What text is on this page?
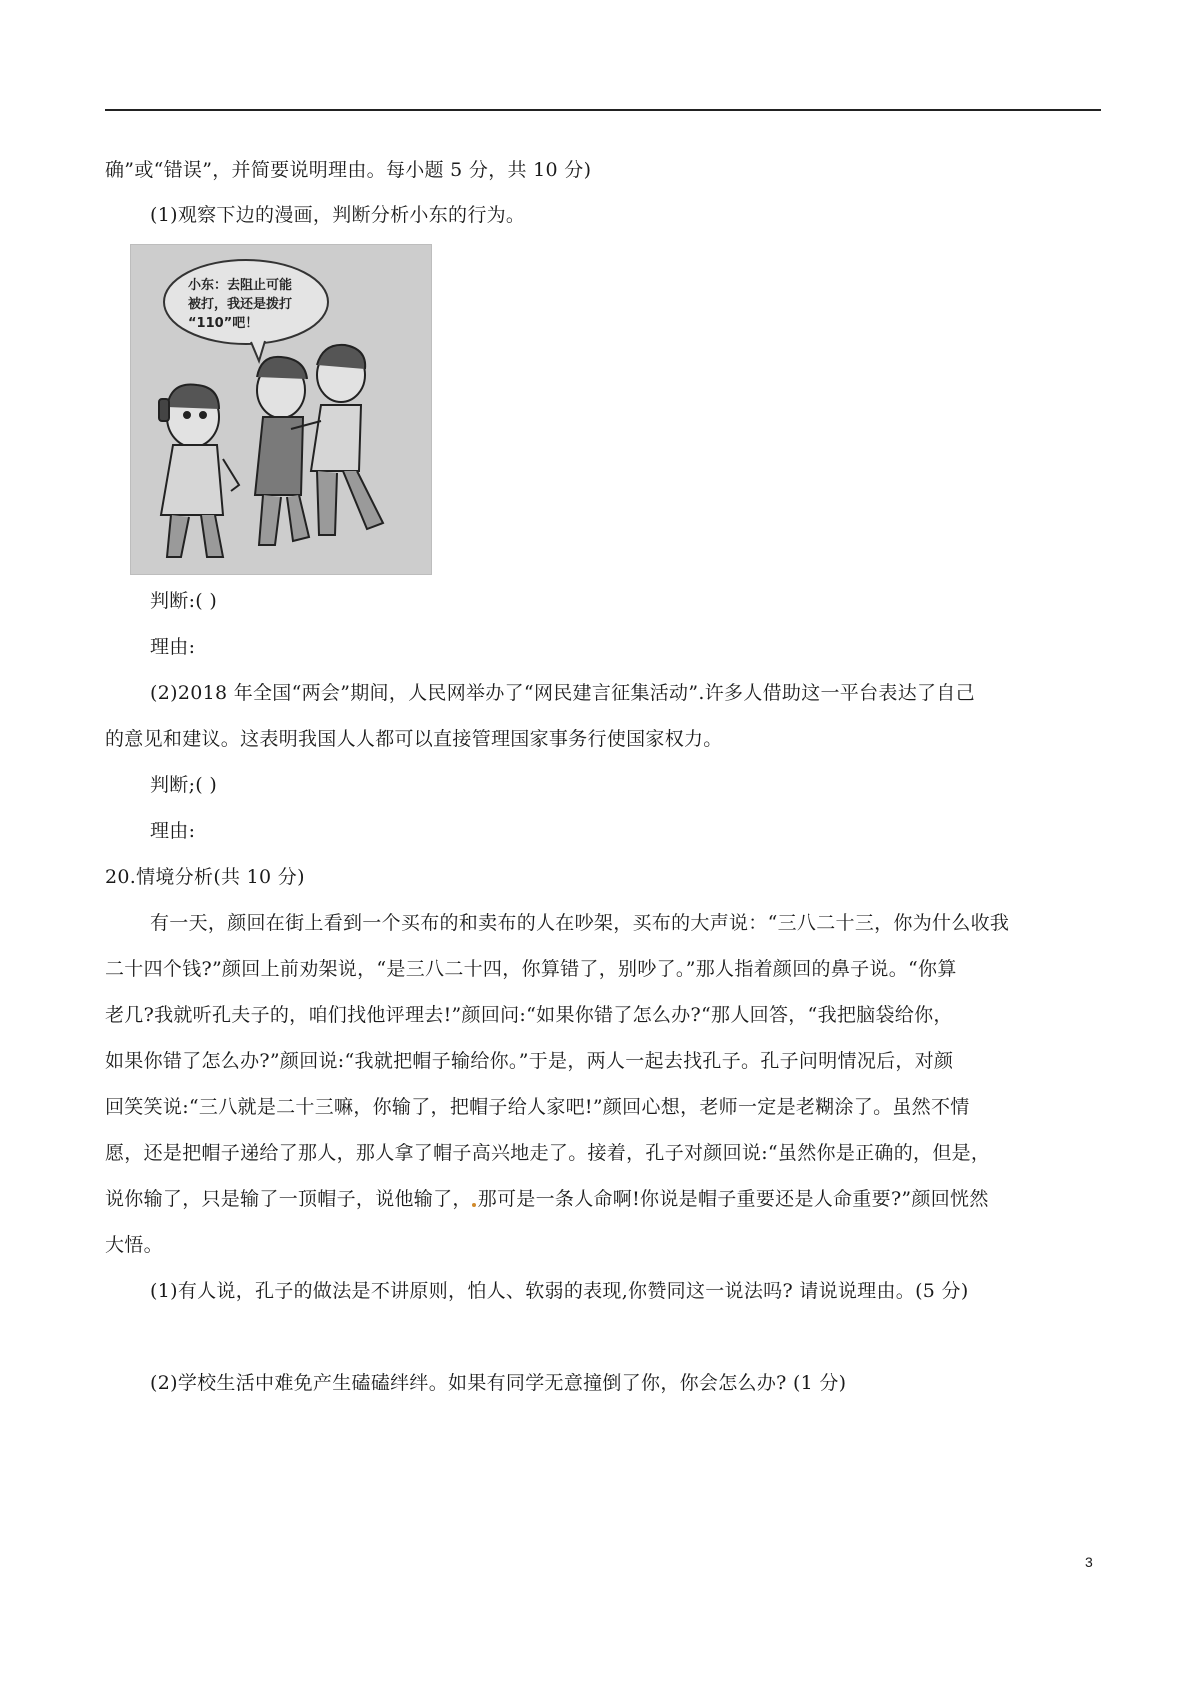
确”或“错误”，并简要说明理由。每小题 5 分，共 10 分)
(1)观察下边的漫画，判断分析小东的行为。
小东：去阻止可能
被打，我还是拨打
“110”吧！
判断:( )
理由:
(2)2018 年全国“两会”期间，人民网举办了“网民建言征集活动”.许多人借助这一平台表达了自己
的意见和建议。这表明我国人人都可以直接管理国家事务行使国家权力。
判断;( )
理由:
20.情境分析(共 10 分)
有一天，颜回在街上看到一个买布的和卖布的人在吵架，买布的大声说：“三八二十三，你为什么收我
二十四个钱?”颜回上前劝架说，“是三八二十四，你算错了，别吵了。”那人指着颜回的鼻子说。“你算
老几?我就听孔夫子的，咱们找他评理去!”颜回问:“如果你错了怎么办?“那人回答，“我把脑袋给你，
如果你错了怎么办?”颜回说:“我就把帽子输给你。”于是，两人一起去找孔子。孔子问明情况后，对颜
回笑笑说:“三八就是二十三嘛，你输了，把帽子给人家吧!”颜回心想，老师一定是老糊涂了。虽然不情
愿，还是把帽子递给了那人，那人拿了帽子高兴地走了。接着，孔子对颜回说:“虽然你是正确的，但是，
说你输了，只是输了一顶帽子，说他输了， 那可是一条人命啊!你说是帽子重要还是人命重要?”颜回恍然
大悟。
(1)有人说，孔子的做法是不讲原则，怕人、软弱的表现,你赞同这一说法吗? 请说说理由。(5 分)
(2)学校生活中难免产生磕磕绊绊。如果有同学无意撞倒了你，你会怎么办? (1 分)
3
